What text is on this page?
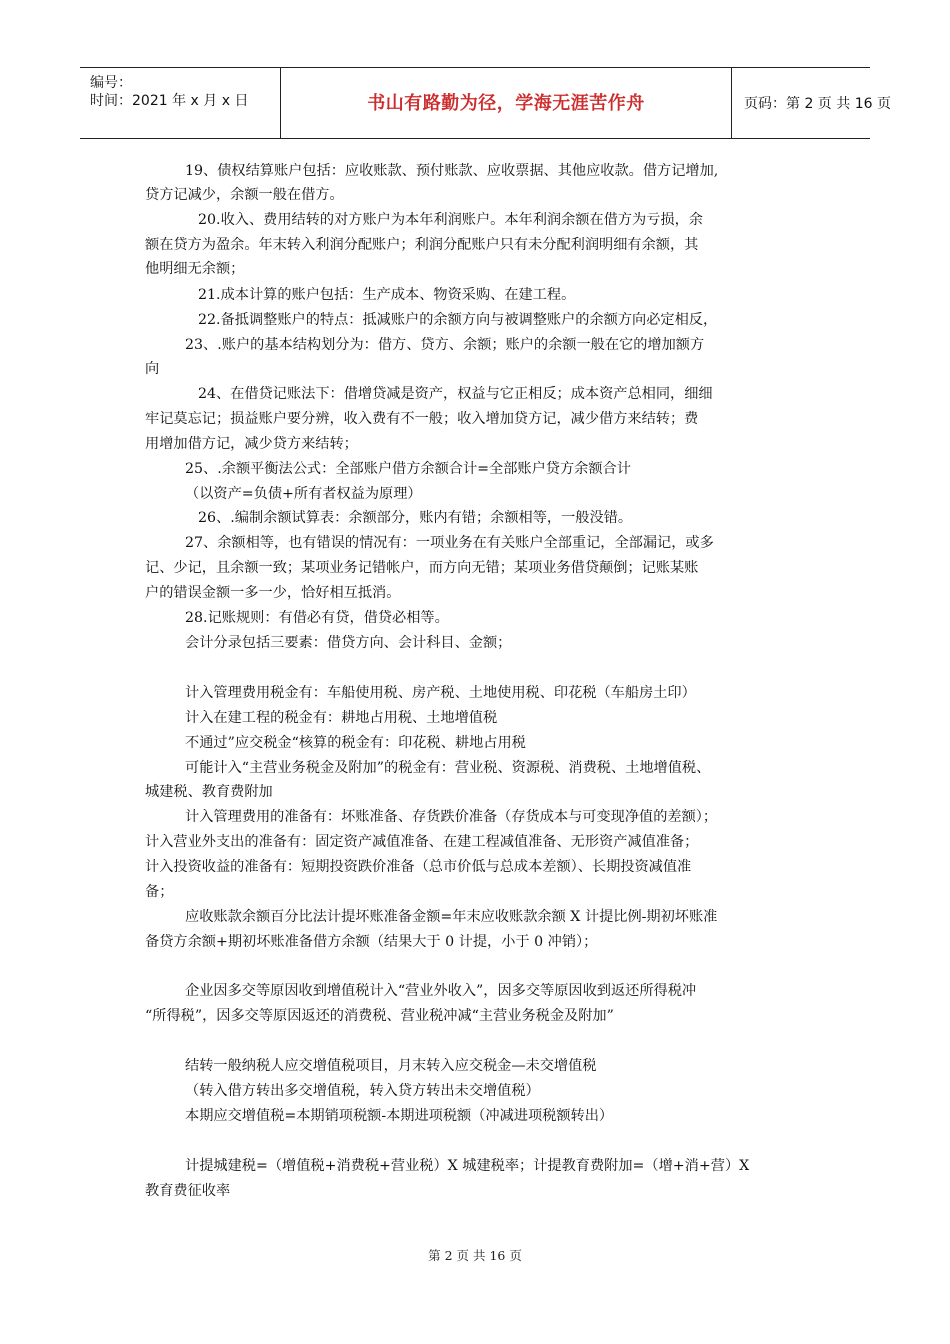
编号：
时间：2021 年 x 月 x 日	书山有路勤为径，学海无涯苦作舟	页码：第 2 页 共 16 页
19、债权结算账户包括：应收账款、预付账款、应收票据、其他应收款。借方记增加,
贷方记减少，余额一般在借方。
20.收入、费用结转的对方账户为本年利润账户。本年利润余额在借方为亏损，余
额在贷方为盈余。年末转入利润分配账户；利润分配账户只有未分配利润明细有余额，其
他明细无余额；
21.成本计算的账户包括：生产成本、物资采购、在建工程。
22.备抵调整账户的特点：抵减账户的余额方向与被调整账户的余额方向必定相反，
23、.账户的基本结构划分为：借方、贷方、余额；账户的余额一般在它的增加额方
向
24、在借贷记账法下：借增贷减是资产，权益与它正相反；成本资产总相同，细细
牢记莫忘记；损益账户要分辨，收入费有不一般；收入增加贷方记，减少借方来结转；费
用增加借方记，减少贷方来结转；
25、.余额平衡法公式：全部账户借方余额合计=全部账户贷方余额合计
（以资产=负债+所有者权益为原理）
26、.编制余额试算表：余额部分，账内有错；余额相等，一般没错。
27、余额相等，也有错误的情况有：一项业务在有关账户全部重记，全部漏记，或多
记、少记，且余额一致；某项业务记错帐户，而方向无错；某项业务借贷颠倒；记账某账
户的错误金额一多一少，恰好相互抵消。
28.记账规则：有借必有贷，借贷必相等。
会计分录包括三要素：借贷方向、会计科目、金额；
计入管理费用税金有：车船使用税、房产税、土地使用税、印花税（车船房土印）
计入在建工程的税金有：耕地占用税、土地增值税
不通过”应交税金“核算的税金有：印花税、耕地占用税
可能计入“主营业务税金及附加”的税金有：营业税、资源税、消费税、土地增值税、
城建税、教育费附加
计入管理费用的准备有：坏账准备、存货跌价准备（存货成本与可变现净值的差额）；
计入营业外支出的准备有：固定资产减值准备、在建工程减值准备、无形资产减值准备；
计入投资收益的准备有：短期投资跌价准备（总市价低与总成本差额）、长期投资减值准
备；
应收账款余额百分比法计提坏账准备金额=年末应收账款余额 X 计提比例-期初坏账准
备贷方余额+期初坏账准备借方余额（结果大于 0 计提，小于 0 冲销）；
企业因多交等原因收到增值税计入“营业外收入”，因多交等原因收到返还所得税冲
“所得税”，因多交等原因返还的消费税、营业税冲减“主营业务税金及附加”
结转一般纳税人应交增值税项目，月末转入应交税金—未交增值税
（转入借方转出多交增值税，转入贷方转出未交增值税）
本期应交增值税=本期销项税额-本期进项税额（冲减进项税额转出）
计提城建税=（增值税+消费税+营业税）X 城建税率；计提教育费附加=（增+消+营）X
教育费征收率
第 2 页 共 16 页
